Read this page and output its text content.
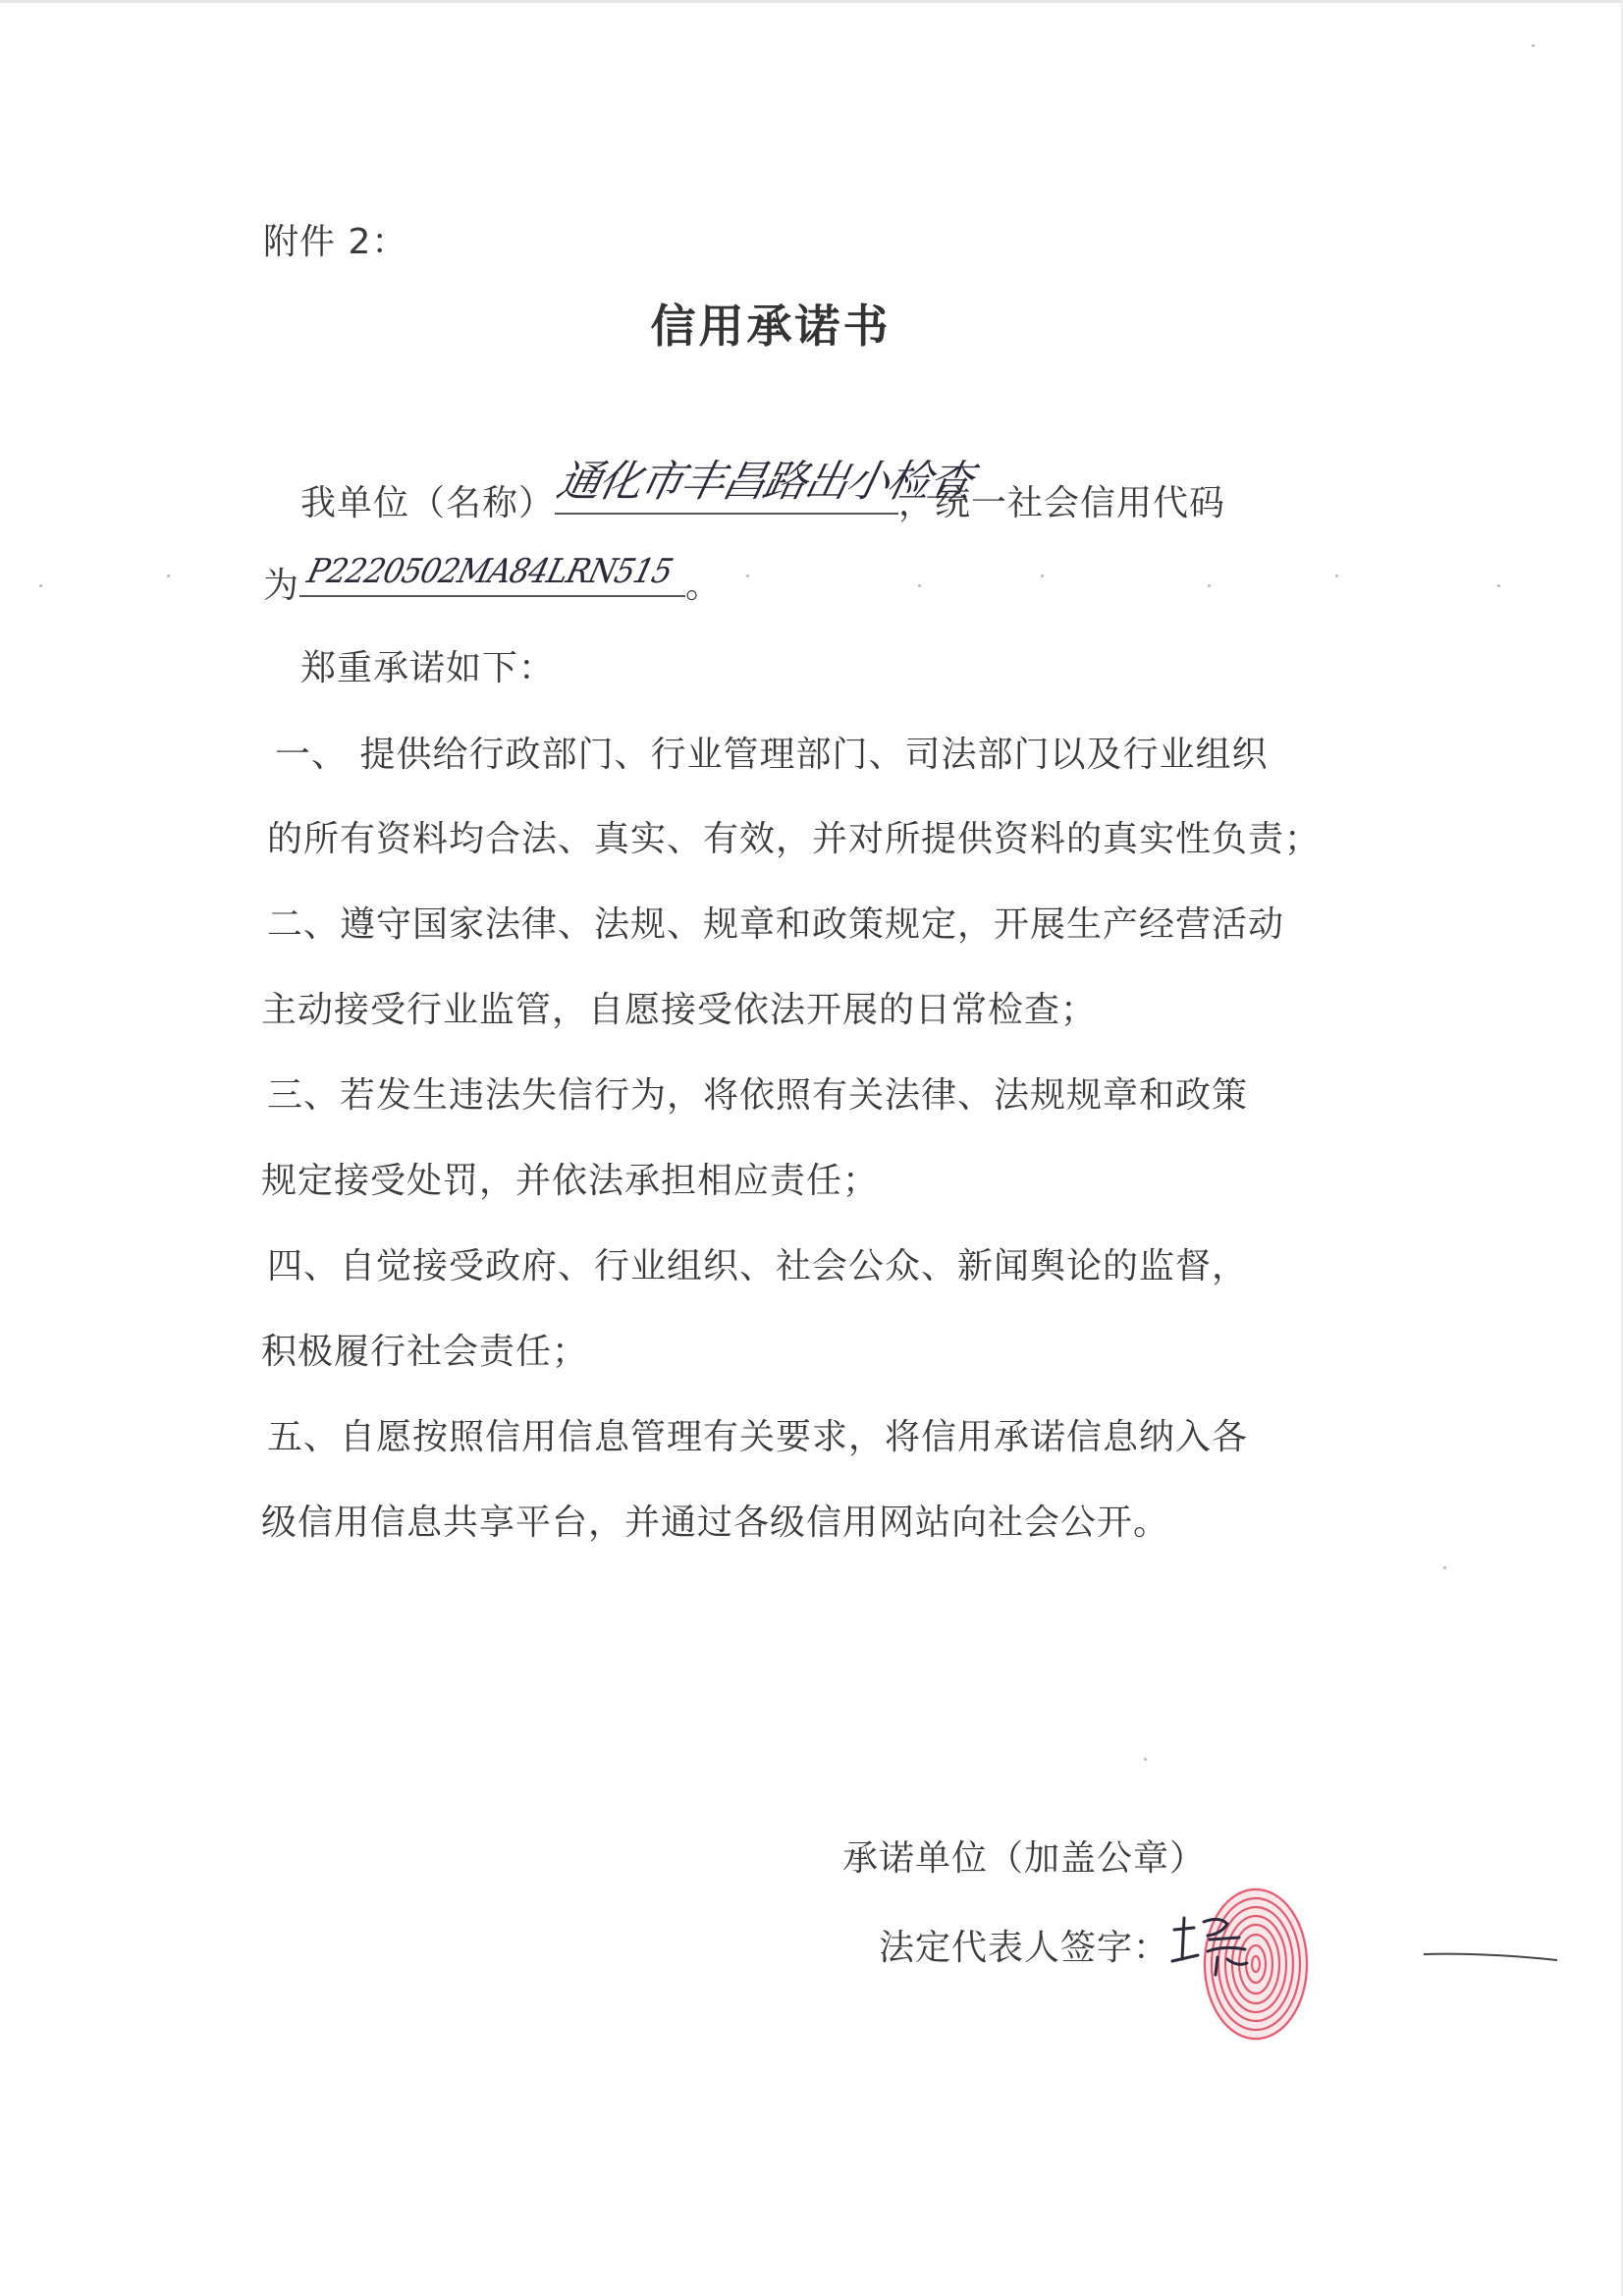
附件 2：
信用承诺书
我单位（名称）
通化市丰昌路出小检查
，统一社会信用代码
为 P2220502MA84LRN515 。
郑重承诺如下：
一、 提供给行政部门、行业管理部门、司法部门以及行业组织
的所有资料均合法、真实、有效，并对所提供资料的真实性负责；
二、遵守国家法律、法规、规章和政策规定，开展生产经营活动
主动接受行业监管，自愿接受依法开展的日常检查；
三、若发生违法失信行为，将依照有关法律、法规规章和政策
规定接受处罚，并依法承担相应责任；
四、自觉接受政府、行业组织、社会公众、新闻舆论的监督，
积极履行社会责任；
五、自愿按照信用信息管理有关要求，将信用承诺信息纳入各
级信用信息共享平台，并通过各级信用网站向社会公开。
承诺单位（加盖公章）
法定代表人签字：
